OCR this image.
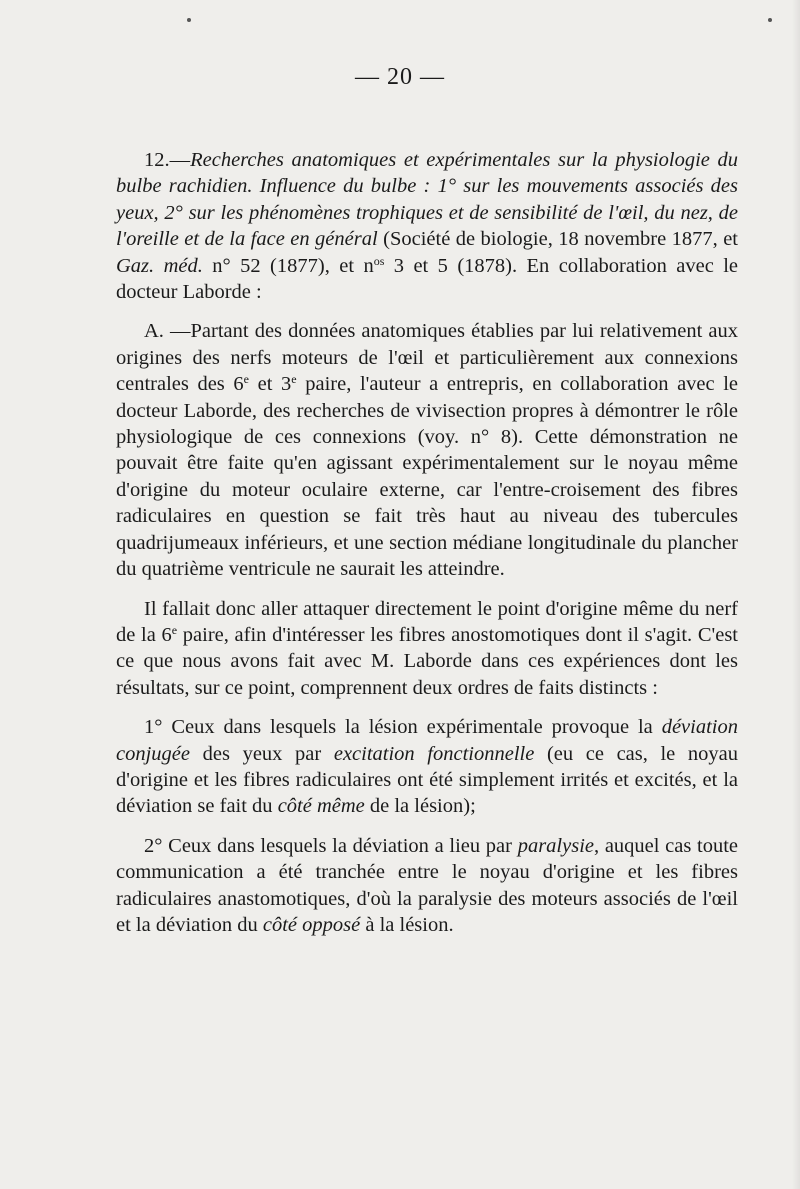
— 20 —

12.—Recherches anatomiques et expérimentales sur la physiologie du bulbe rachidien. Influence du bulbe : 1° sur les mouvements associés des yeux, 2° sur les phénomènes trophiques et de sensibilité de l'œil, du nez, de l'oreille et de la face en général (Société de biologie, 18 novembre 1877, et Gaz. méd. n° 52 (1877), et $n^{os}$ 3 et 5 (1878). En collaboration avec le docteur Laborde :

A. —Partant des données anatomiques établies par lui relativement aux origines des nerfs moteurs de l'œil et particulièrement aux connexions centrales des 6e et 3e paire, l'auteur a entrepris, en collaboration avec le docteur Laborde, des recherches de vivisection propres à démontrer le rôle physiologique de ces connexions (voy. n° 8). Cette démonstration ne pouvait être faite qu'en agissant expérimentalement sur le noyau même d'origine du moteur oculaire externe, car l'entre-croisement des fibres radiculaires en question se fait très haut au niveau des tubercules quadrijumeaux inférieurs, et une section médiane longitudinale du plancher du quatrième ventricule ne saurait les atteindre.

Il fallait donc aller attaquer directement le point d'origine même du nerf de la 6e paire, afin d'intéresser les fibres anostomotiques dont il s'agit. C'est ce que nous avons fait avec M. Laborde dans ces expériences dont les résultats, sur ce point, comprennent deux ordres de faits distincts :

1° Ceux dans lesquels la lésion expérimentale provoque la déviation conjugée des yeux par excitation fonctionnelle (eu ce cas, le noyau d'origine et les fibres radiculaires ont été simplement irrités et excités, et la déviation se fait du côté même de la lésion);

2° Ceux dans lesquels la déviation a lieu par paralysie, auquel cas toute communication a été tranchée entre le noyau d'origine et les fibres radiculaires anastomotiques, d'où la paralysie des moteurs associés de l'œil et la déviation du côté opposé à la lésion.
